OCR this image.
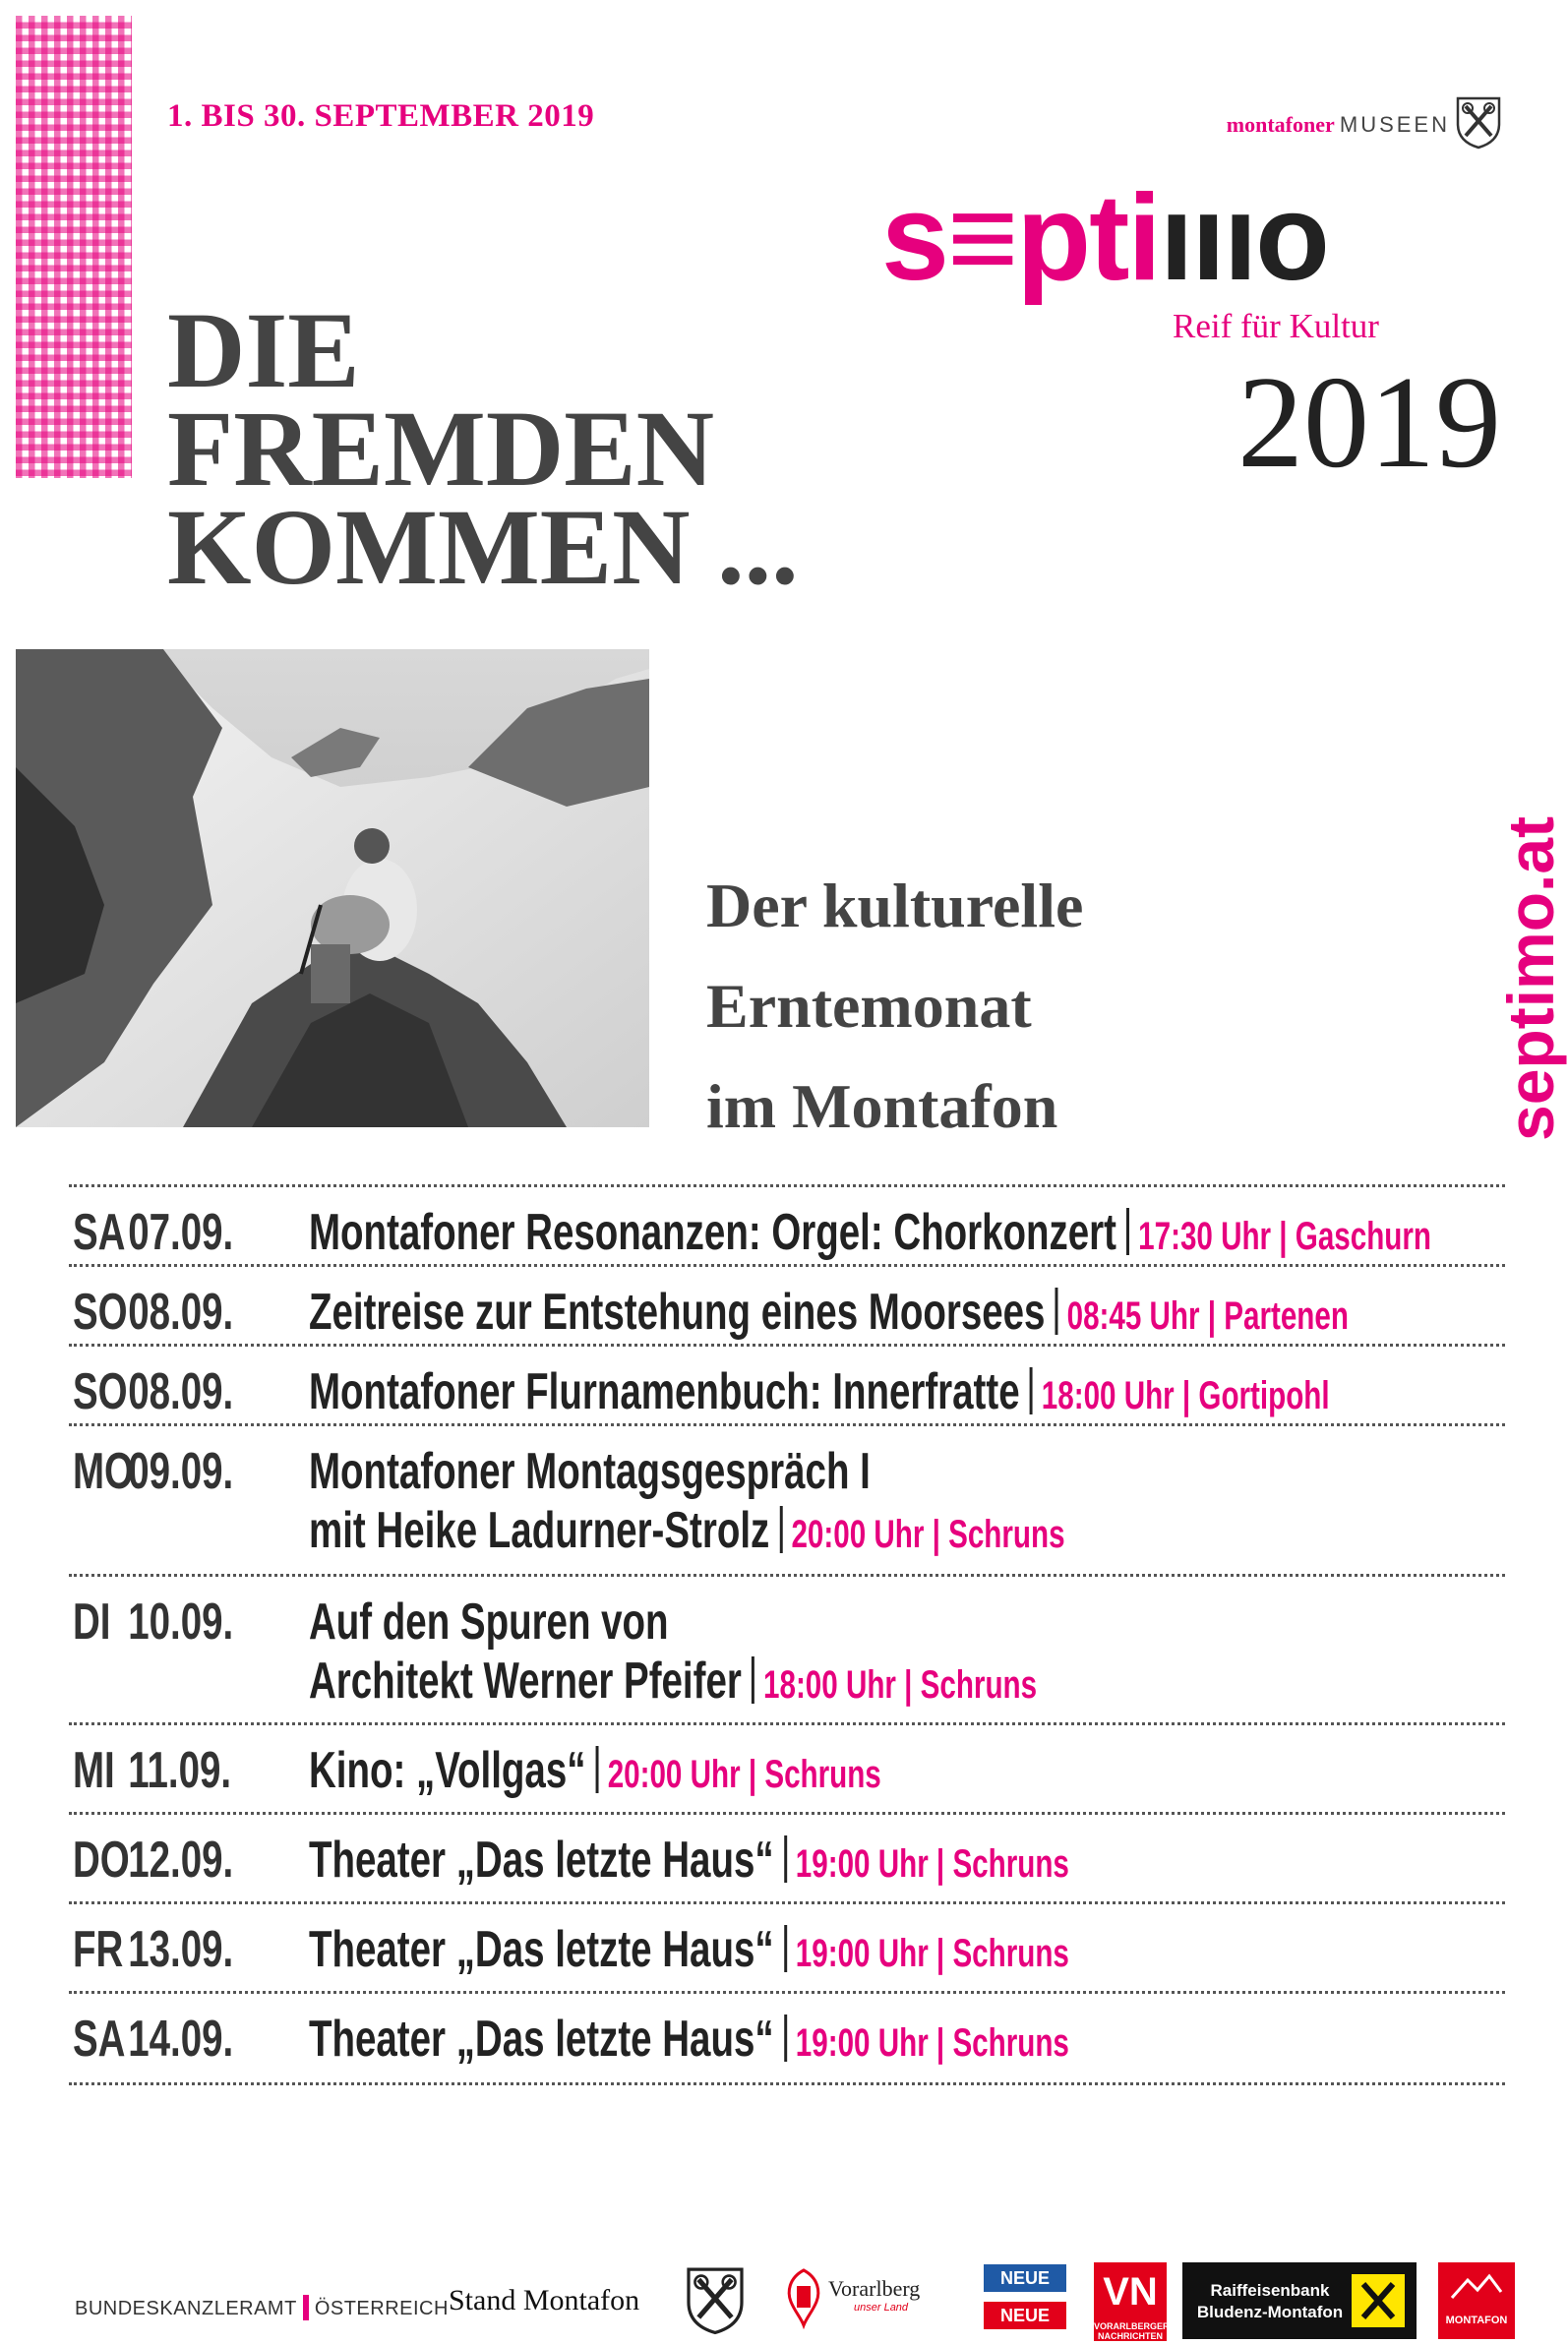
1. BIS 30. SEPTEMBER 2019	montafoner MUSEEN
s≡ptiıııo
Reif für Kultur
2019
DIE
FREMDEN
KOMMEN ...
Der kulturelle
Erntemonat
im Montafon	septimo.at
SA07.09. Montafoner Resonanzen: Orgel: Chorkonzert 17:30 Uhr | Gaschurn
SO08.09. Zeitreise zur Entstehung eines Moorsees 08:45 Uhr | Partenen
SO08.09. Montafoner Flurnamenbuch: Innerfratte 18:00 Uhr | Gortipohl
MO09.09. Montafoner Montagsgespräch I
mit Heike Ladurner-Strolz 20:00 Uhr | Schruns
DI 10.09. Auf den Spuren von
Architekt Werner Pfeifer 18:00 Uhr | Schruns
MI 11.09. Kino: „Vollgas“ 20:00 Uhr | Schruns
DO12.09. Theater „Das letzte Haus“ 19:00 Uhr | Schruns
FR13.09. Theater „Das letzte Haus“ 19:00 Uhr | Schruns
SA14.09. Theater „Das letzte Haus“ 19:00 Uhr | Schruns
BUNDESKANZLERAMT ÖSTERREICH Stand Montafon	Vorarlberg
unser Land
NEUE
NEUE
VN
VORARLBERGER NACHRICHTEN
Raiffeisenbank
Bludenz-Montafon	MONTAFON
